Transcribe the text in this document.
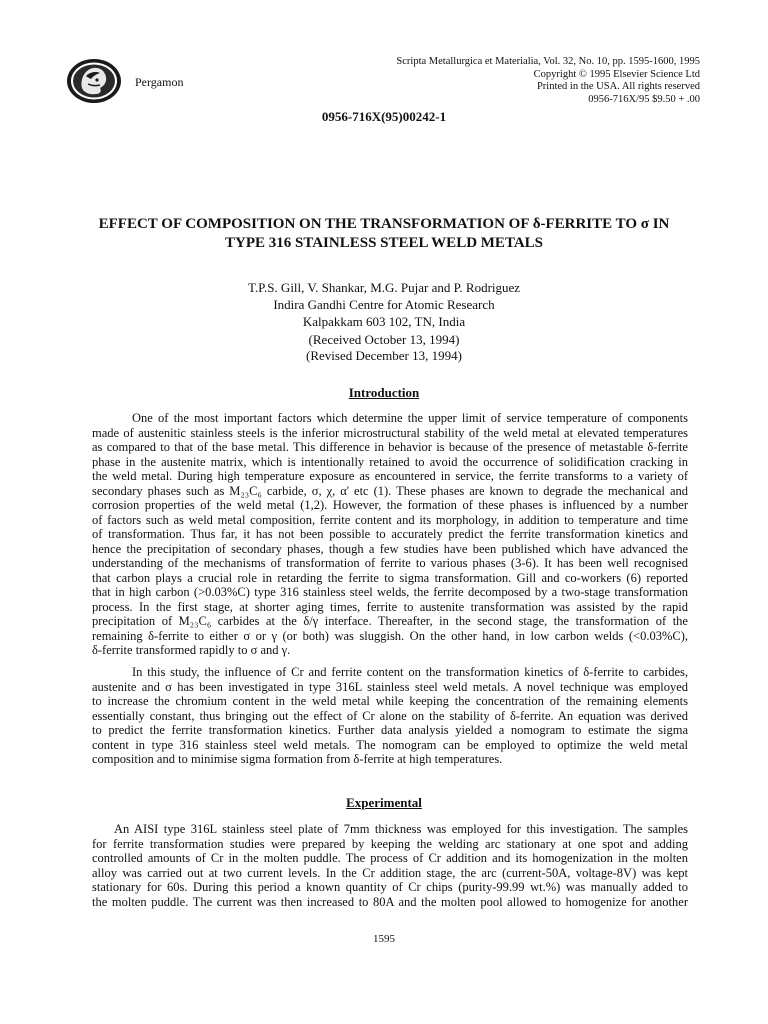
Pergamon
Scripta Metallurgica et Materialia, Vol. 32, No. 10, pp. 1595-1600, 1995
Copyright © 1995 Elsevier Science Ltd
Printed in the USA. All rights reserved
0956-716X/95 $9.50 + .00
0956-716X(95)00242-1
EFFECT OF COMPOSITION ON THE TRANSFORMATION OF δ-FERRITE TO σ IN
TYPE 316 STAINLESS STEEL WELD METALS
T.P.S. Gill, V. Shankar, M.G. Pujar and P. Rodriguez
Indira Gandhi Centre for Atomic Research
Kalpakkam 603 102, TN, India
(Received October 13, 1994)
(Revised December 13, 1994)
Introduction
One of the most important factors which determine the upper limit of service temperature of components
made of austenitic stainless steels is the inferior microstructural stability of the weld metal at elevated temperatures
as compared to that of the base metal. This difference in behavior is because of the presence of metastable δ-ferrite
phase in the austenite matrix, which is intentionally retained to avoid the occurrence of solidification cracking in
the weld metal. During high temperature exposure as encountered in service, the ferrite transforms to a variety of
secondary phases such as M₂₃C₆ carbide, σ, χ, α' etc (1). These phases are known to degrade the mechanical and
corrosion properties of the weld metal (1,2). However, the formation of these phases is influenced by a number
of factors such as weld metal composition, ferrite content and its morphology, in addition to temperature and time
of transformation. Thus far, it has not been possible to accurately predict the ferrite transformation kinetics and
hence the precipitation of secondary phases, though a few studies have been published which have advanced the
understanding of the mechanisms of transformation of ferrite to various phases (3-6). It has been well recognised
that carbon plays a crucial role in retarding the ferrite to sigma transformation. Gill and co-workers (6) reported
that in high carbon (>0.03%C) type 316 stainless steel welds, the ferrite decomposed by a two-stage transformation
process. In the first stage, at shorter aging times, ferrite to austenite transformation was assisted by the rapid
precipitation of M₂₃C₆ carbides at the δ/γ interface. Thereafter, in the second stage, the transformation of the
remaining δ-ferrite to either σ or γ (or both) was sluggish. On the other hand, in low carbon welds (<0.03%C),
δ-ferrite transformed rapidly to σ and γ.
In this study, the influence of Cr and ferrite content on the transformation kinetics of δ-ferrite to carbides,
austenite and σ has been investigated in type 316L stainless steel weld metals. A novel technique was employed
to increase the chromium content in the weld metal while keeping the concentration of the remaining elements
essentially constant, thus bringing out the effect of Cr alone on the stability of δ-ferrite. An equation was derived
to predict the ferrite transformation kinetics. Further data analysis yielded a nomogram to estimate the sigma
content in type 316 stainless steel weld metals. The nomogram can be employed to optimize the weld metal
composition and to minimise sigma formation from δ-ferrite at high temperatures.
Experimental
An AISI type 316L stainless steel plate of 7mm thickness was employed for this investigation. The samples
for ferrite transformation studies were prepared by keeping the welding arc stationary at one spot and adding
controlled amounts of Cr in the molten puddle. The process of Cr addition and its homogenization in the molten
alloy was carried out at two current levels. In the Cr addition stage, the arc (current-50A, voltage-8V) was kept
stationary for 60s. During this period a known quantity of Cr chips (purity-99.99 wt.%) was manually added to
the molten puddle. The current was then increased to 80A and the molten pool allowed to homogenize for another
1595
